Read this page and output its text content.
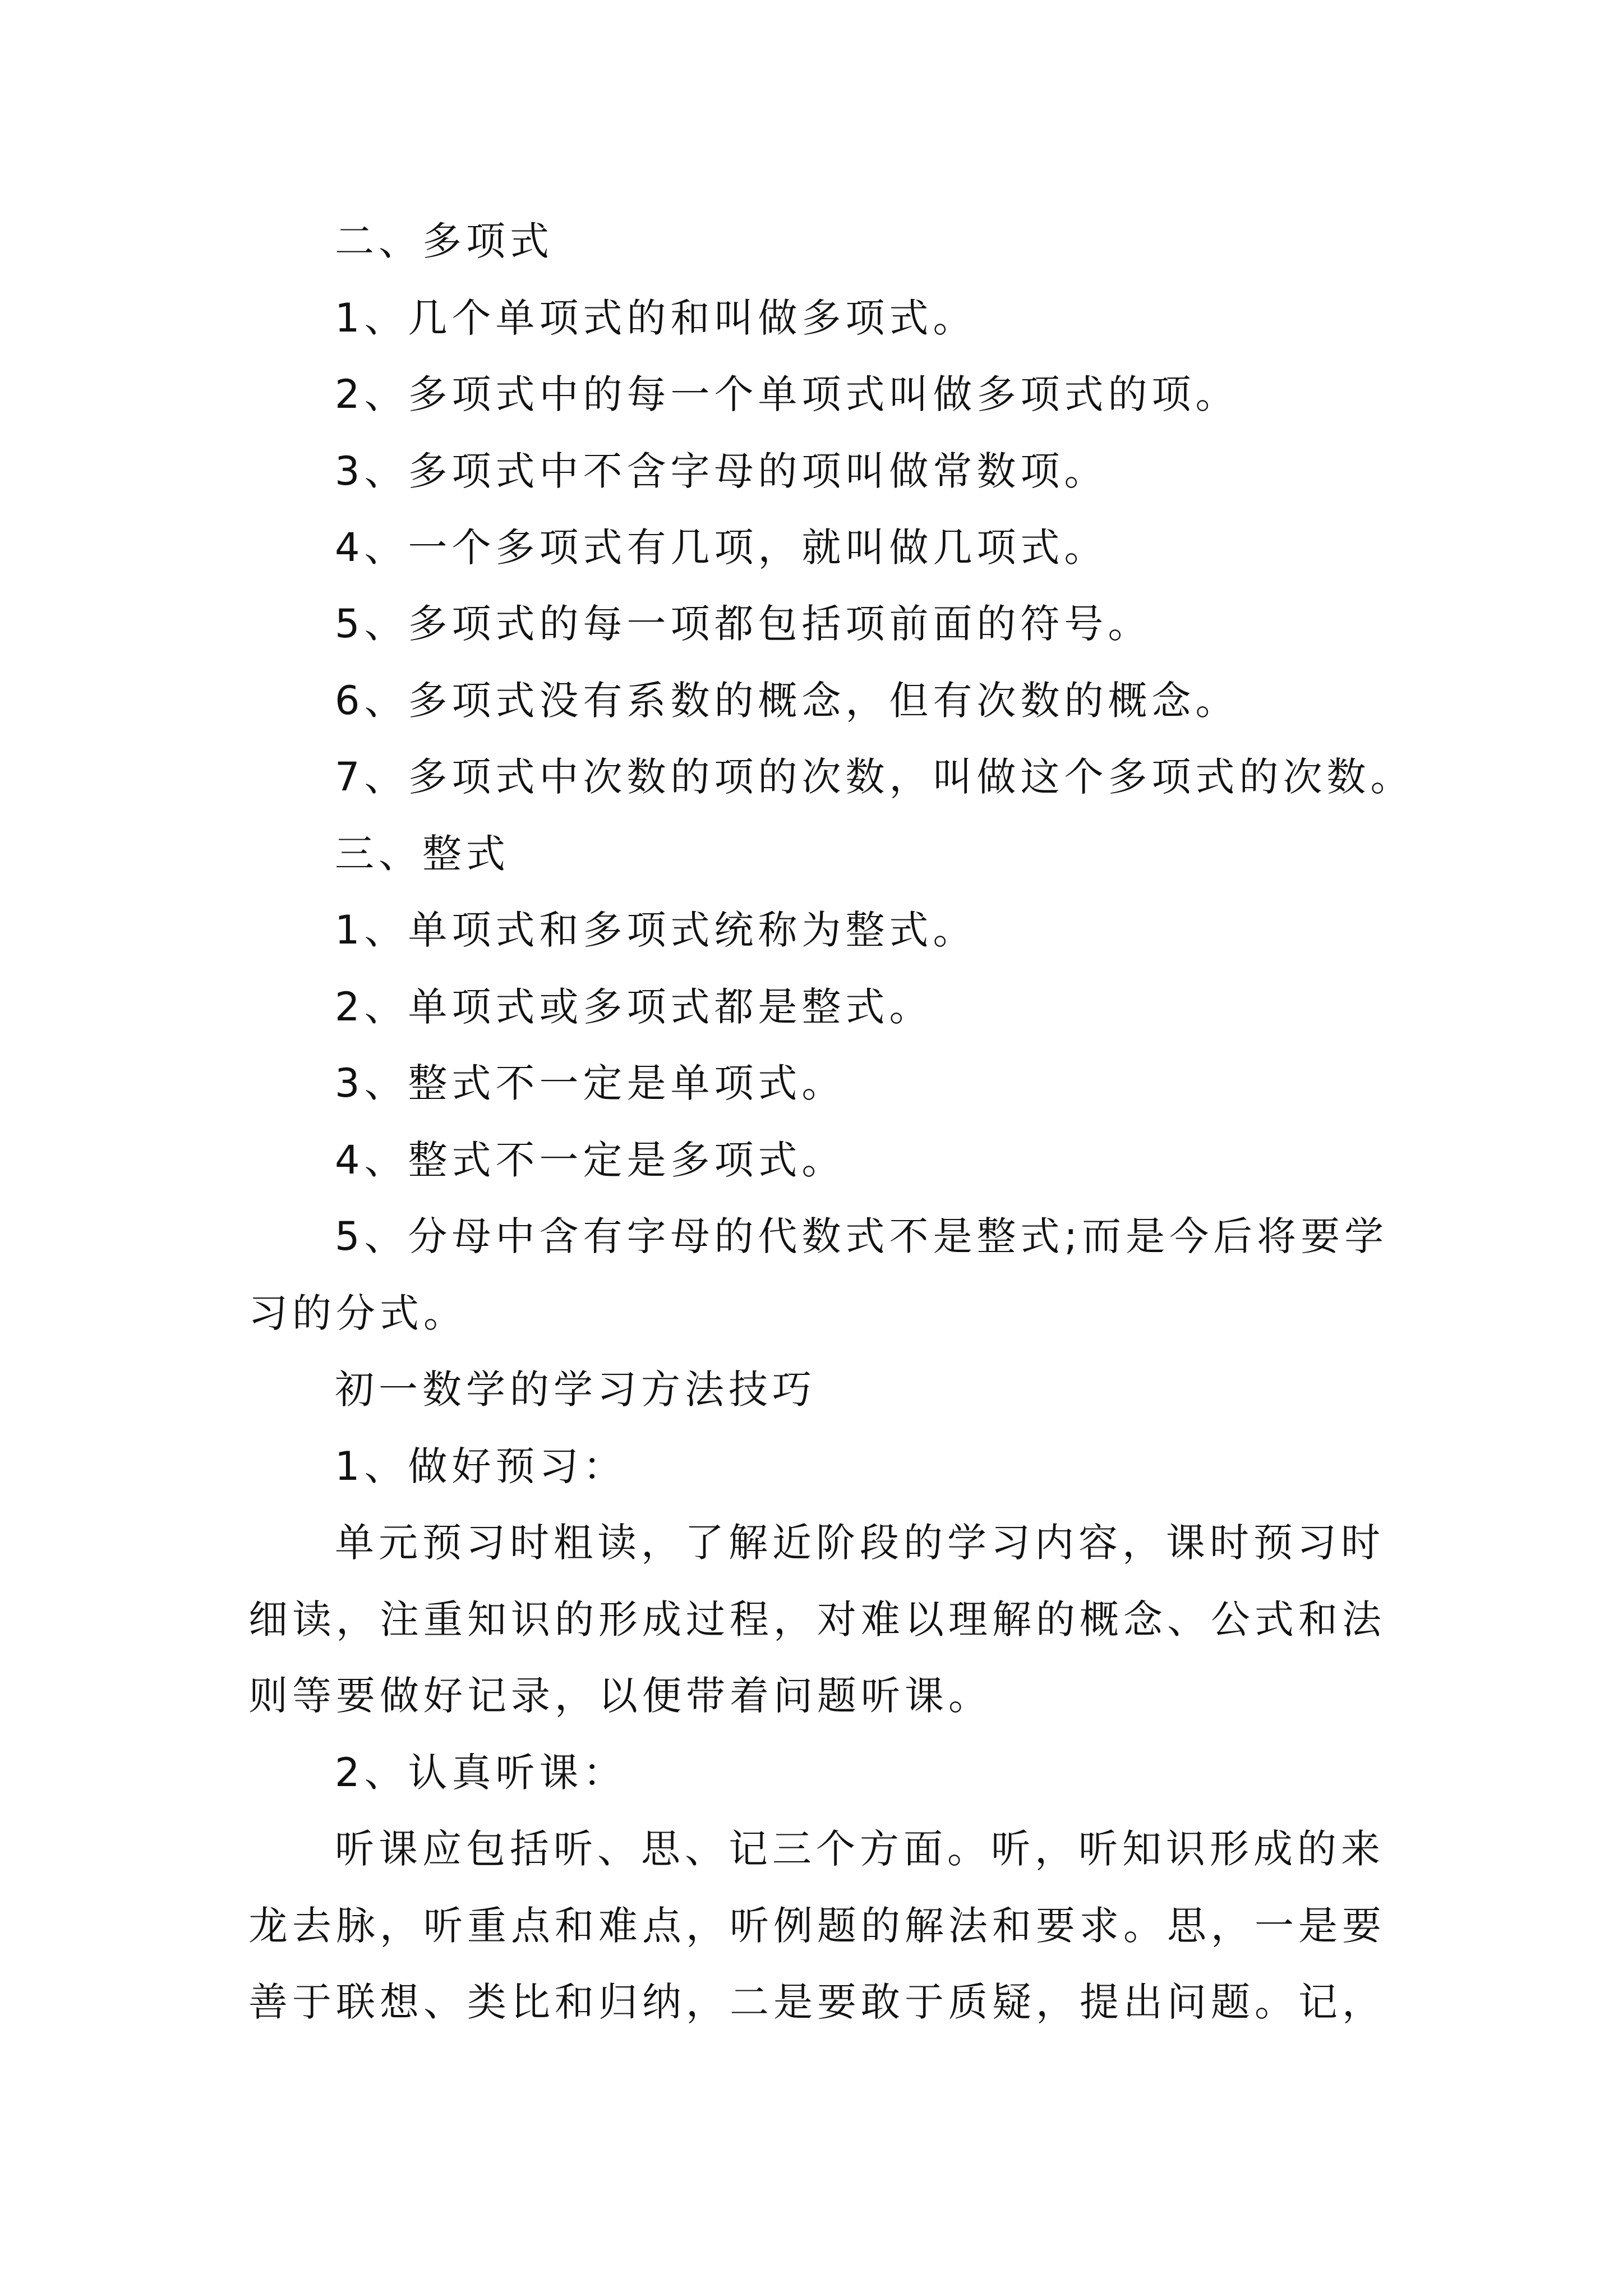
二、多项式

1、几个单项式的和叫做多项式。

2、多项式中的每一个单项式叫做多项式的项。

3、多项式中不含字母的项叫做常数项。

4、一个多项式有几项，就叫做几项式。

5、多项式的每一项都包括项前面的符号。

6、多项式没有系数的概念，但有次数的概念。

7、多项式中次数的项的次数，叫做这个多项式的次数。

三、整式

1、单项式和多项式统称为整式。

2、单项式或多项式都是整式。

3、整式不一定是单项式。

4、整式不一定是多项式。

5、分母中含有字母的代数式不是整式;而是今后将要学

习的分式。

初一数学的学习方法技巧

1、做好预习：

单元预习时粗读，了解近阶段的学习内容，课时预习时

细读，注重知识的形成过程，对难以理解的概念、公式和法

则等要做好记录，以便带着问题听课。

2、认真听课：

听课应包括听、思、记三个方面。听，听知识形成的来

龙去脉，听重点和难点，听例题的解法和要求。思，一是要

善于联想、类比和归纳，二是要敢于质疑，提出问题。记，
